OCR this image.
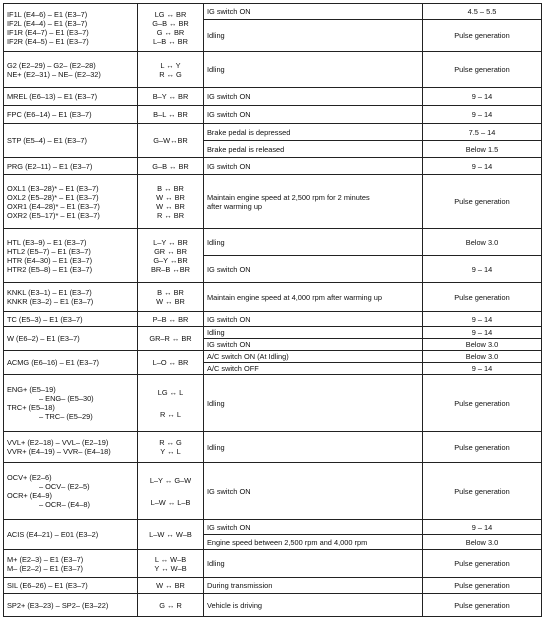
IF1L (E4–6) – E1 (E3–7)
IF2L (E4–4) – E1 (E3–7)
IF1R (E4–7) – E1 (E3–7)
IF2R (E4–5) – E1 (E3–7)	LG ↔ BR
G–B ↔ BR
G ↔ BR
L–B ↔ BR	IG switch ON	4.5 – 5.5
		Idling	Pulse generation

G2 (E2–29) – G2– (E2–28)
NE+ (E2–31) – NE– (E2–32)	L ↔ Y
R ↔ G	Idling	Pulse generation

MREL (E6–13) – E1 (E3–7)	B–Y ↔ BR	IG switch ON	9 – 14

FPC (E6–14) – E1 (E3–7)	B–L ↔ BR	IG switch ON	9 – 14

STP (E5–4) – E1 (E3–7)	G–W↔BR	Brake pedal is depressed	7.5 – 14
		Brake pedal is released	Below 1.5

PRG (E2–11) – E1 (E3–7)	G–B ↔ BR	IG switch ON	9 – 14

OXL1 (E3–28)* – E1 (E3–7)
OXL2 (E5–28)* – E1 (E3–7)
OXR1 (E4–28)* – E1 (E3–7)
OXR2 (E5–17)* – E1 (E3–7)	B ↔ BR
W ↔ BR
W ↔ BR
R ↔ BR	Maintain engine speed at 2,500 rpm for 2 minutes
after warming up	Pulse generation

HTL (E3–9) – E1 (E3–7)
HTL2 (E5–7) – E1 (E3–7)
HTR (E4–30) – E1 (E3–7)
HTR2 (E5–8) – E1 (E3–7)	L–Y ↔ BR
GR ↔ BR
G–Y ↔BR
BR–B ↔BR	Idling	Below 3.0
		IG switch ON	9 – 14

KNKL (E3–1) – E1 (E3–7)
KNKR (E3–2) – E1 (E3–7)	B ↔ BR
W ↔ BR	Maintain engine speed at 4,000 rpm after warming up	Pulse generation

TC (E5–3) – E1 (E3–7)	P–B ↔ BR	IG switch ON	9 – 14

W (E6–2) – E1 (E3–7)	GR–R ↔ BR	Idling	9 – 14
		IG switch ON	Below 3.0

ACMG (E6–16) – E1 (E3–7)	L–O ↔ BR	A/C switch ON (At Idling)	Below 3.0
		A/C switch OFF	9 – 14

ENG+ (E5–19)
– ENG– (E5–30)
TRC+ (E5–18)
– TRC– (E5–29)	LG ↔ L
R ↔ L	Idling	Pulse generation

VVL+ (E2–18) – VVL– (E2–19)
VVR+ (E4–19) – VVR– (E4–18)	R ↔ G
Y ↔ L	Idling	Pulse generation

OCV+ (E2–6)
– OCV– (E2–5)
OCR+ (E4–9)
– OCR– (E4–8)	L–Y ↔ G–W
L–W ↔ L–B	IG switch ON	Pulse generation

ACIS (E4–21) – E01 (E3–2)	L–W ↔ W–B	IG switch ON	9 – 14
		Engine speed between 2,500 rpm and 4,000 rpm	Below 3.0

M+ (E2–3) – E1 (E3–7)
M– (E2–2) – E1 (E3–7)	L ↔ W–B
Y ↔ W–B	Idling	Pulse generation

SIL (E6–26) – E1 (E3–7)	W ↔ BR	During transmission	Pulse generation

SP2+ (E3–23) – SP2– (E3–22)	G ↔ R	Vehicle is driving	Pulse generation
